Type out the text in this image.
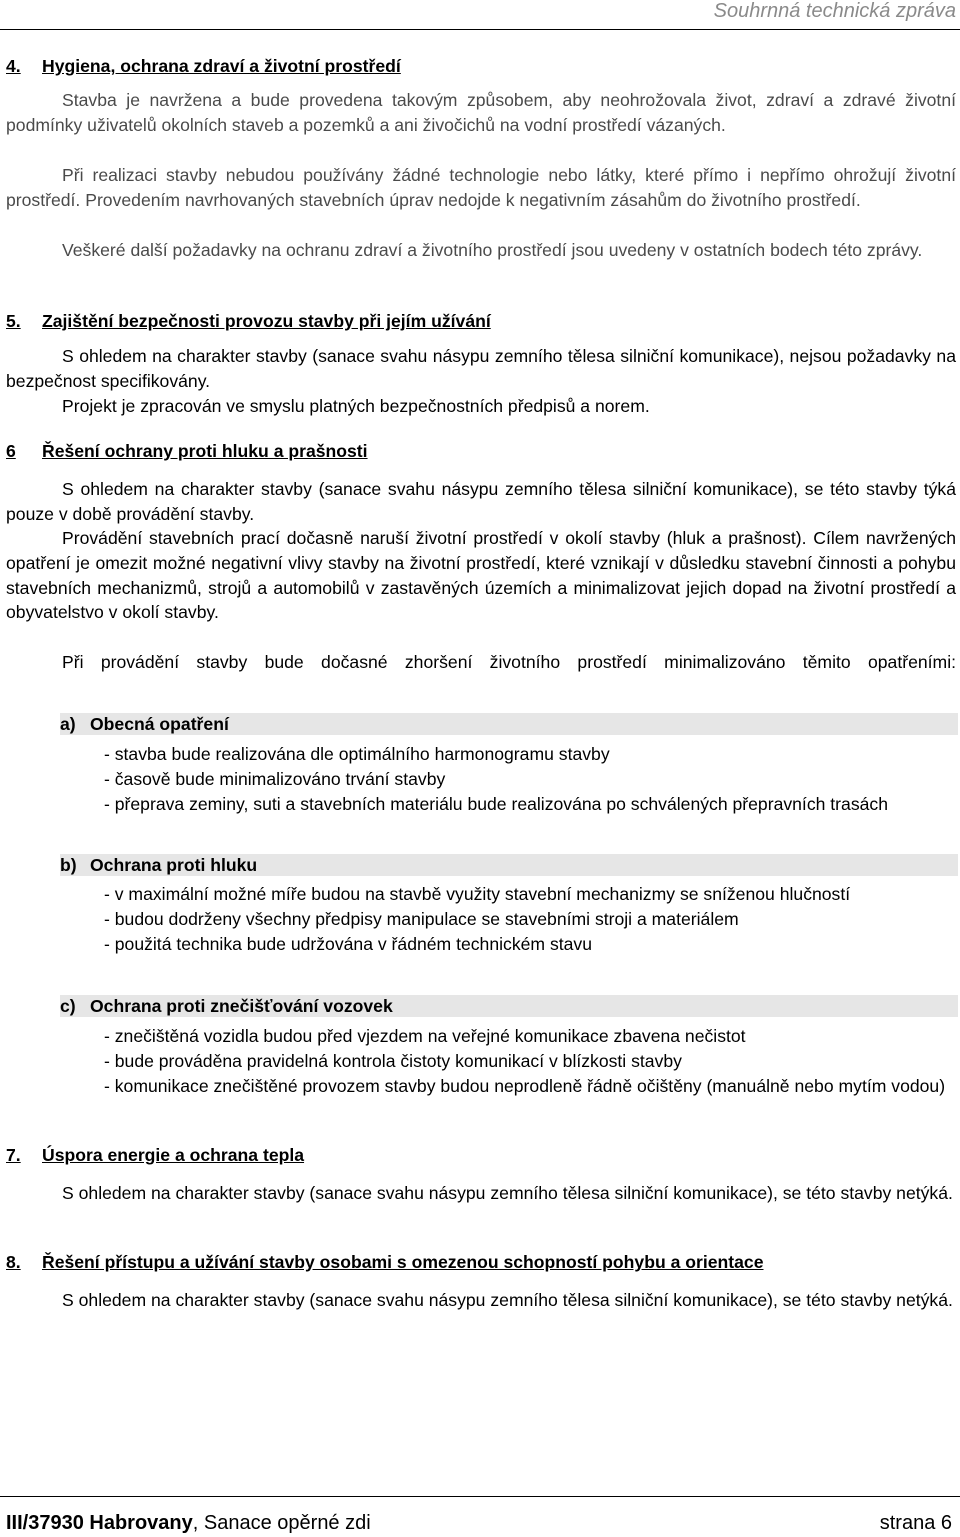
Souhrnná technická zpráva
4. Hygiena, ochrana zdraví a životní prostředí

Stavba je navržena a bude provedena takovým způsobem, aby neohrožovala život, zdraví a zdravé životní podmínky uživatelů okolních staveb a pozemků a ani živočichů na vodní prostředí vázaných.

Při realizaci stavby nebudou používány žádné technologie nebo látky, které přímo i nepřímo ohrožují životní prostředí. Provedením navrhovaných stavebních úprav nedojde k negativním zásahům do životního prostředí.

Veškeré další požadavky na ochranu zdraví a životního prostředí jsou uvedeny v ostatních bodech této zprávy.

5. Zajištění bezpečnosti provozu stavby při jejím užívání

S ohledem na charakter stavby (sanace svahu násypu zemního tělesa silniční komunikace), nejsou požadavky na bezpečnost specifikovány.

Projekt je zpracován ve smyslu platných bezpečnostních předpisů a norem.

6 Řešení ochrany proti hluku a prašnosti

S ohledem na charakter stavby (sanace svahu násypu zemního tělesa silniční komunikace), se této stavby týká pouze v době provádění stavby.

Provádění stavebních prací dočasně naruší životní prostředí v okolí stavby (hluk a prašnost). Cílem navržených opatření je omezit možné negativní vlivy stavby na životní prostředí, které vznikají v důsledku stavební činnosti a pohybu stavebních mechanizmů, strojů a automobilů v zastavěných územích a minimalizovat jejich dopad na životní prostředí a obyvatelstvo v okolí stavby.

Při provádění stavby bude dočasné zhoršení životního prostředí minimalizováno těmito opatřeními:

a) Obecná opatření

- stavba bude realizována dle optimálního harmonogramu stavby

- časově bude minimalizováno trvání stavby

- přeprava zeminy, suti a stavebních materiálu bude realizována po schválených přepravních trasách

b) Ochrana proti hluku

- v maximální možné míře budou na stavbě využity stavební mechanizmy se sníženou hlučností

- budou dodrženy všechny předpisy manipulace se stavebními stroji a materiálem

- použitá technika bude udržována v řádném technickém stavu

c) Ochrana proti znečišťování vozovek

- znečištěná vozidla budou před vjezdem na veřejné komunikace zbavena nečistot

- bude prováděna pravidelná kontrola čistoty komunikací v blízkosti stavby

- komunikace znečištěné provozem stavby budou neprodleně řádně očištěny (manuálně nebo mytím vodou)

7. Úspora energie a ochrana tepla

S ohledem na charakter stavby (sanace svahu násypu zemního tělesa silniční komunikace), se této stavby netýká.

8. Řešení přístupu a užívání stavby osobami s omezenou schopností pohybu a orientace

S ohledem na charakter stavby (sanace svahu násypu zemního tělesa silniční komunikace), se této stavby netýká.

III/37930 Habrovany, Sanace opěrné zdi	strana 6
